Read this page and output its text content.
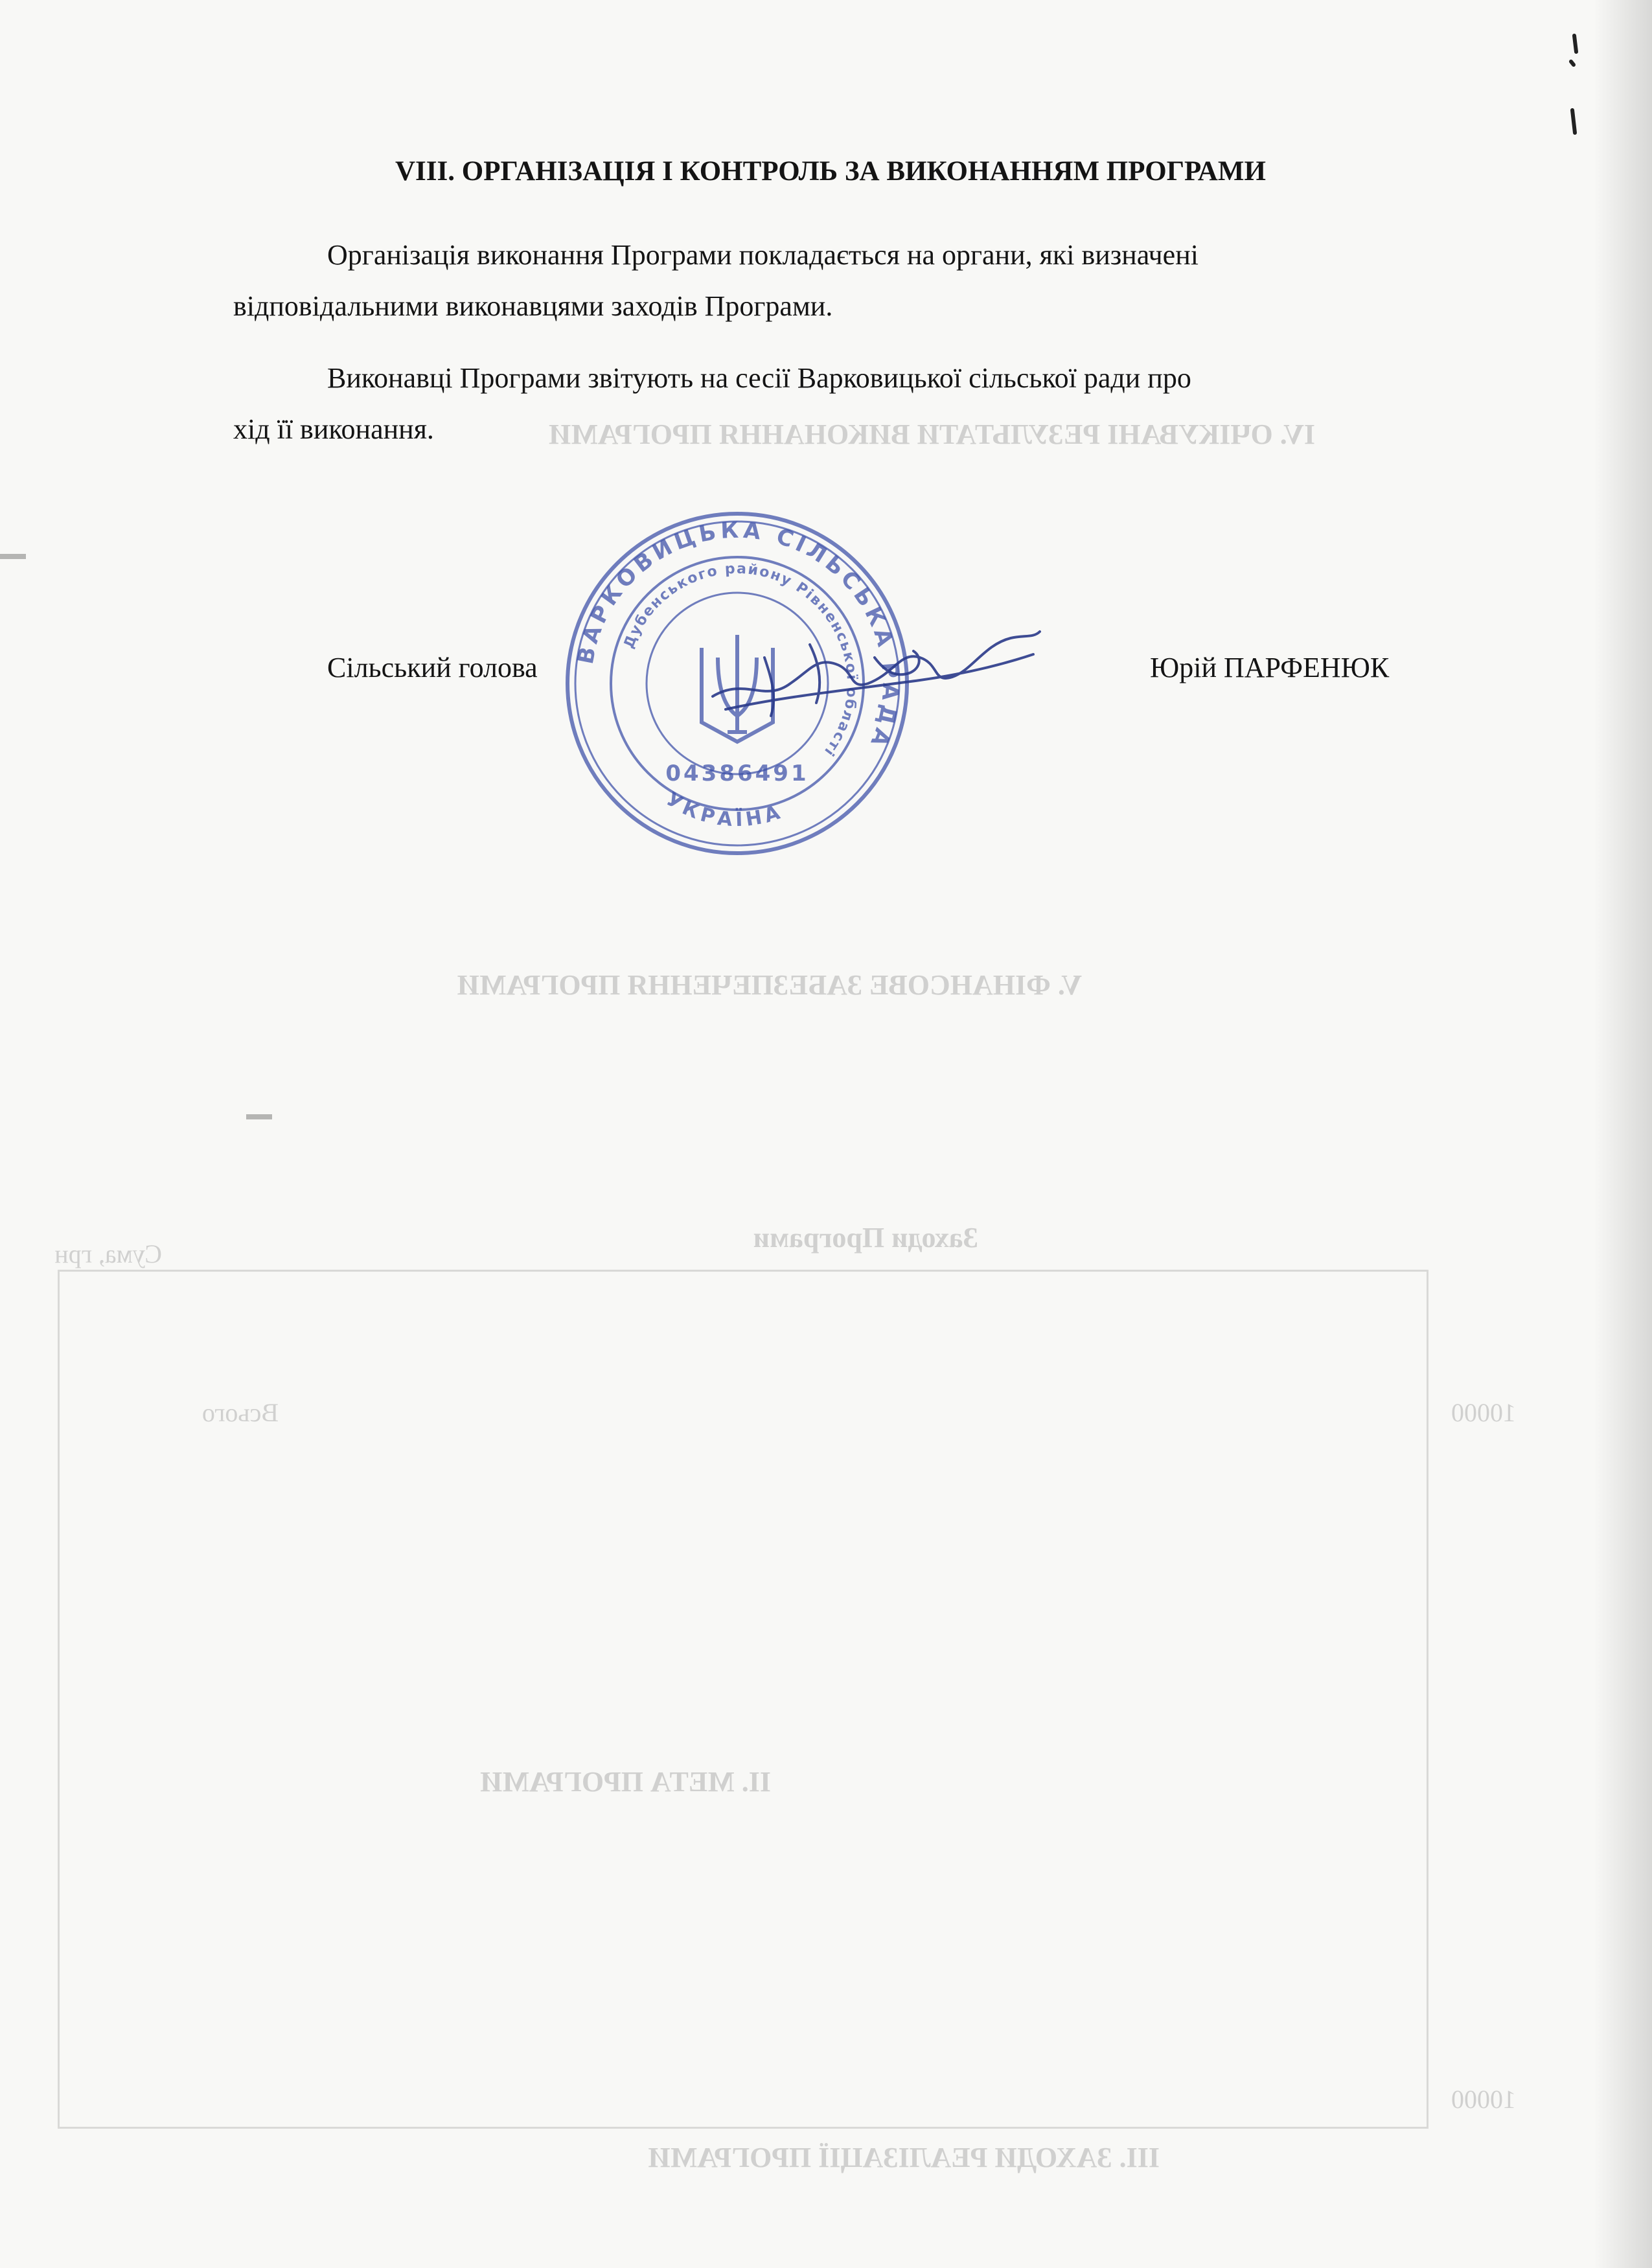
IV. ОЧІКУВАНІ РЕЗУЛЬТАТИ ВИКОНАННЯ ПРОГРАМИ
V. ФІНАНСОВЕ ЗАБЕЗПЕЧЕННЯ ПРОГРАМИ
Заходи Програми
II. МЕТА ПРОГРАМИ
III. ЗАХОДИ РЕАЛІЗАЦІЇ ПРОГРАМИ
Всього	10000
10000
Сума, грн
VIII. ОРГАНІЗАЦІЯ І КОНТРОЛЬ ЗА ВИКОНАННЯМ ПРОГРАМИ
Організація виконання Програми покладається на органи, які визначені
відповідальними виконавцями заходів Програми.
Виконавці Програми звітують на сесії Варковицької сільської ради про
хід її виконання.
Сільський голова	Юрій ПАРФЕНЮК
ВАРКОВИЦЬКА СІЛЬСЬКА РАДА
Дубенського району Рівненської області
УКРАЇНА
04386491
